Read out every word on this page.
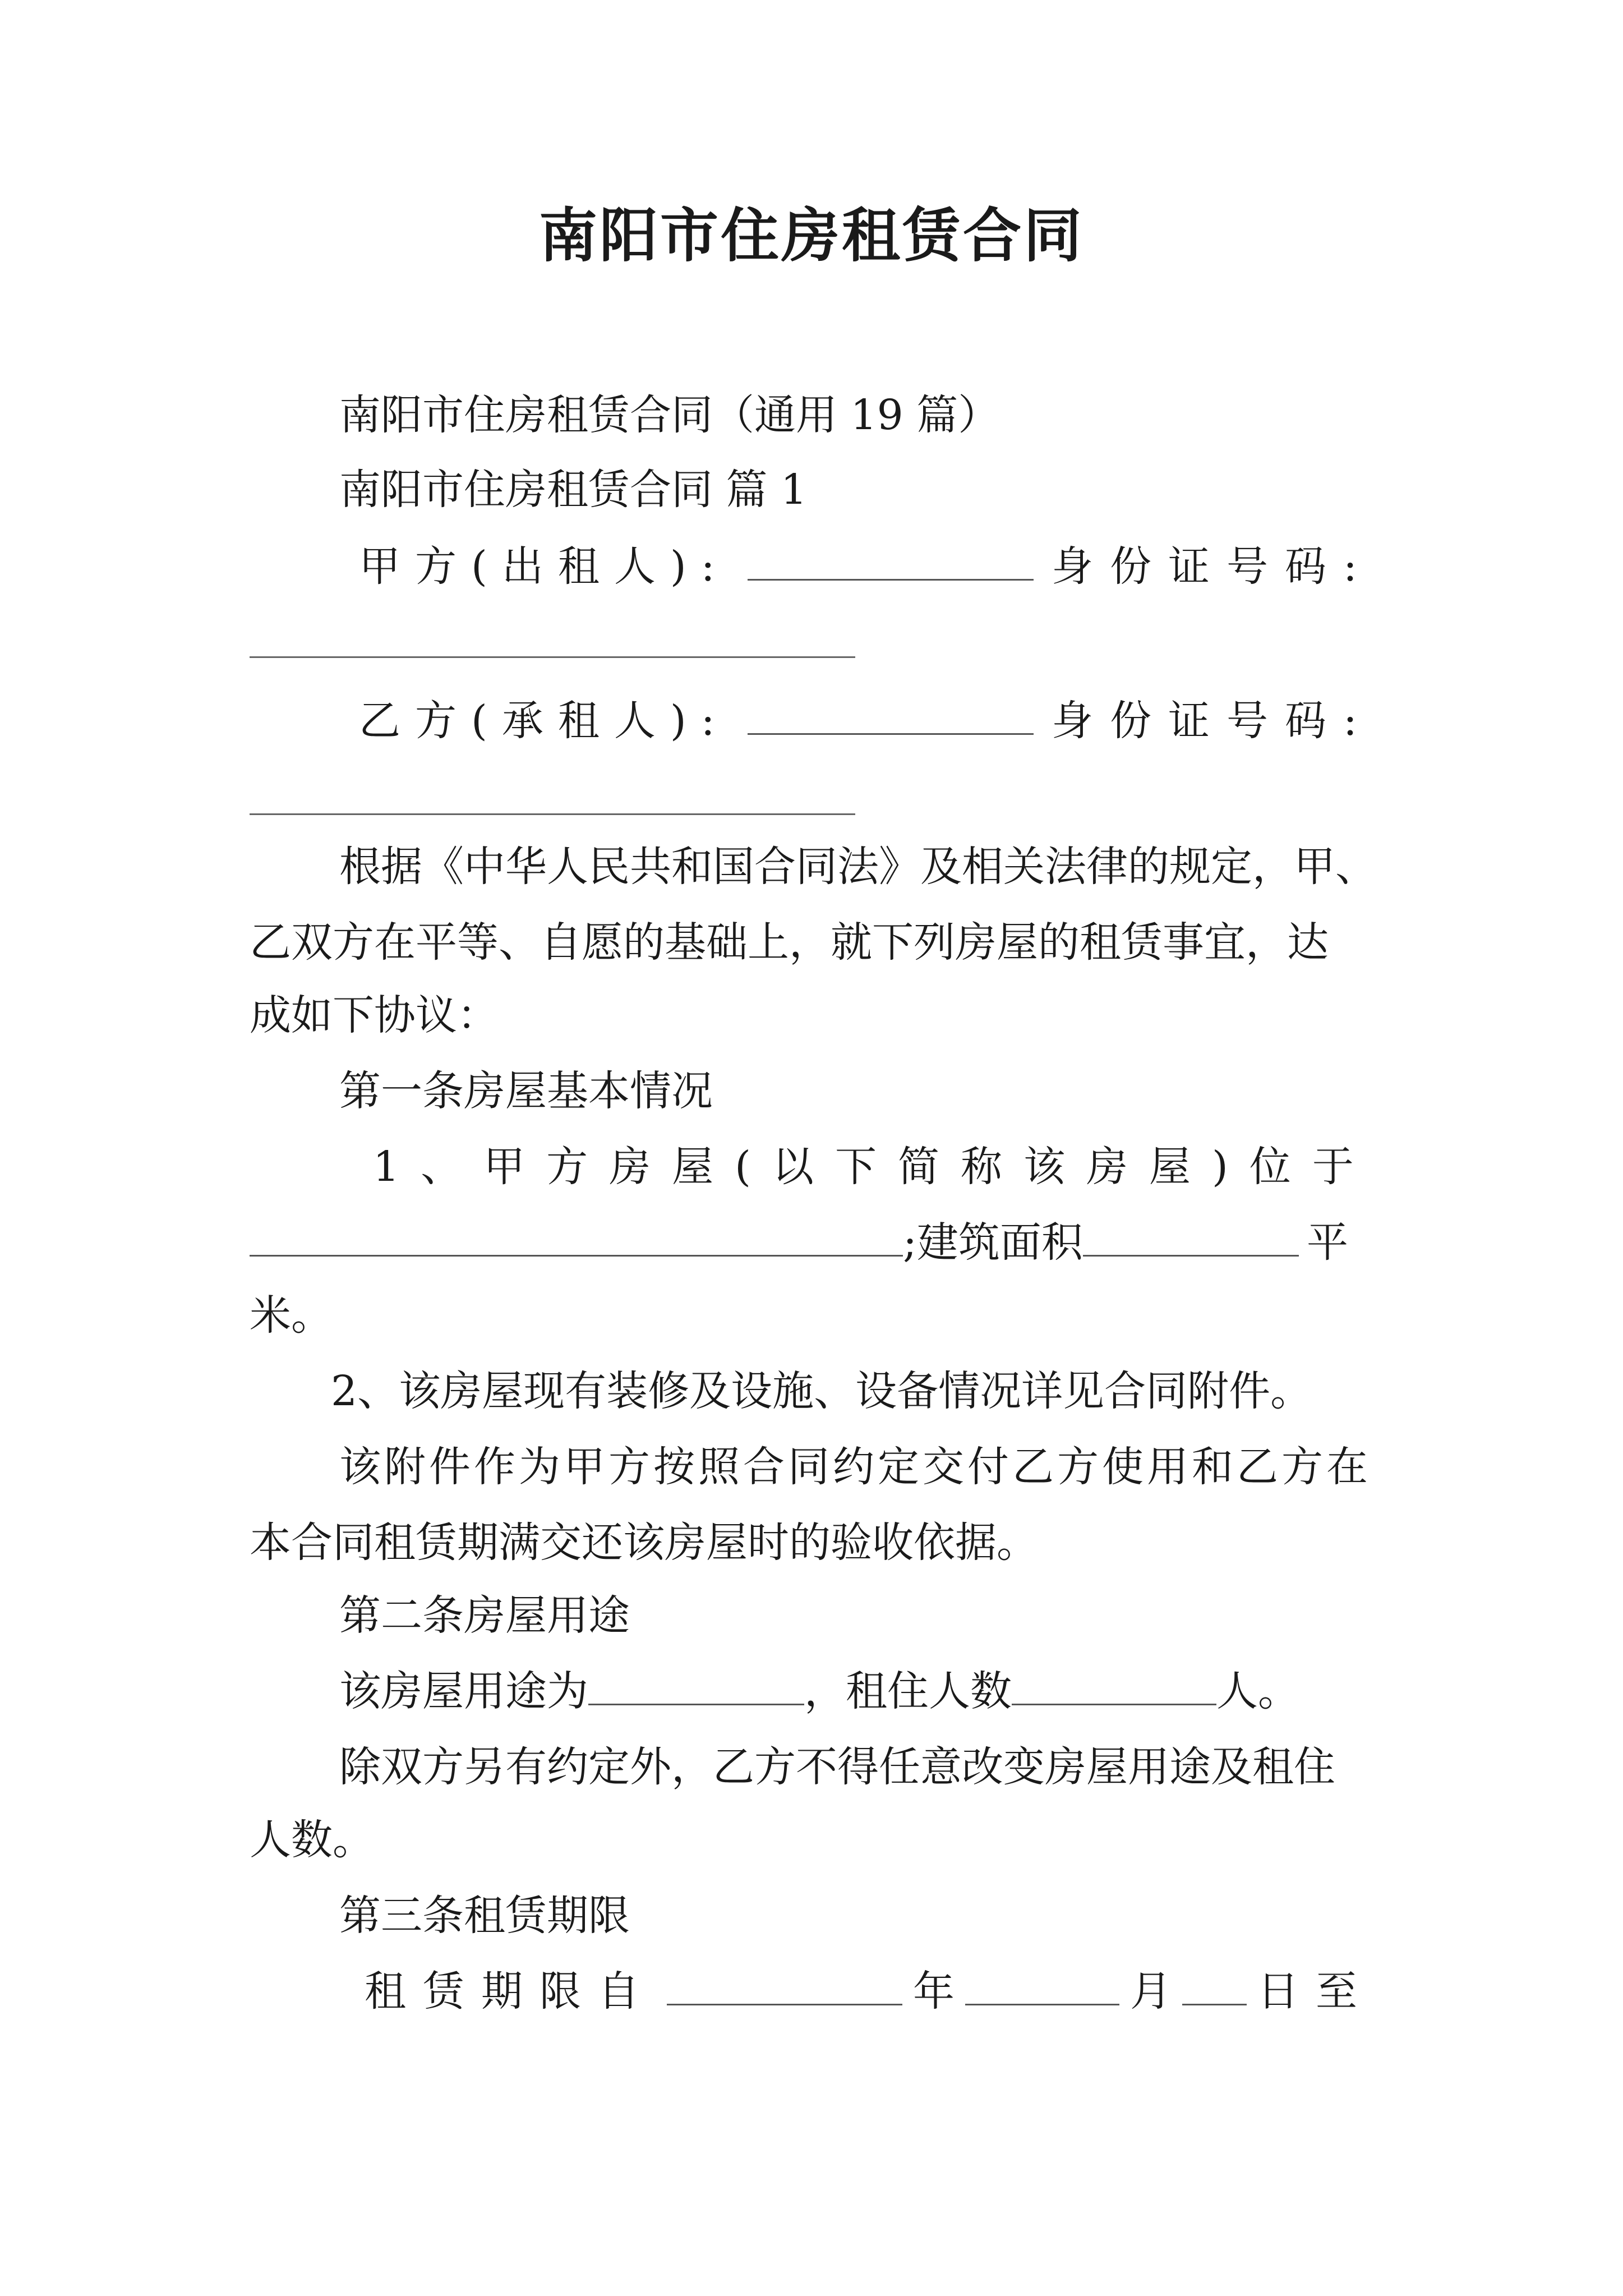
南阳市住房租赁合同
南阳市住房租赁合同（通用 19 篇）
南阳市住房租赁合同 篇 1
甲方(出租人):	身份证号码:
乙方(承租人):	身份证号码:
根据《中华人民共和国合同法》及相关法律的规定，甲、
乙双方在平等、自愿的基础上，就下列房屋的租赁事宜，达
成如下协议：
第一条房屋基本情况
1、甲方房屋(以下简称该房屋)位于
;建筑面积	平
米。
2、该房屋现有装修及设施、设备情况详见合同附件。
该附件作为甲方按照合同约定交付乙方使用和乙方在
本合同租赁期满交还该房屋时的验收依据。
第二条房屋用途
该房屋用途为	，租住人数	人。
除双方另有约定外，乙方不得任意改变房屋用途及租住
人数。
第三条租赁期限
租赁期限自	年	月 日至
